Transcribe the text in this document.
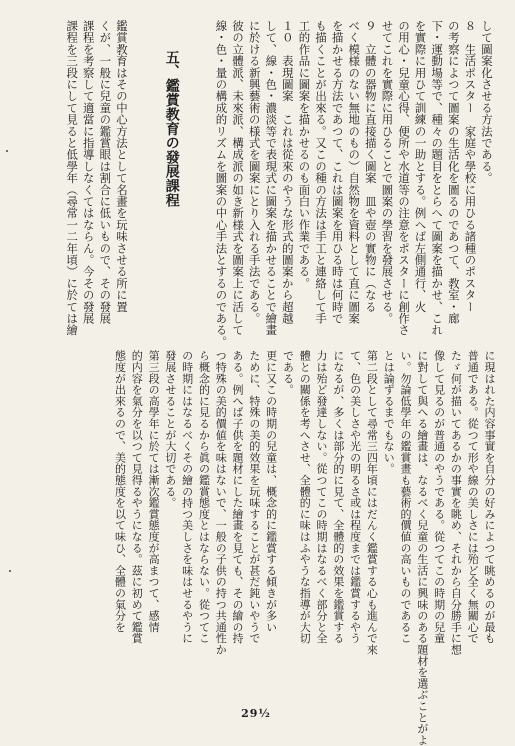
して圖案化させる方法である。
８　生活ポスター　家庭や學校に用ひる諸種のポスター
の考察によつて圖案の生活化を圖るのであつて、教室・廊
下・運動場等で、種々の題目をとらへて圖案を描かせ、これ
を實際に用ひて訓練の一助とする。例へば左側通行、火
の用心・兒童心得、便所や水道等の注意をポスターに創作さ
せてこれを實際に用ひることで圖案の學習を發展させる。
９　立體の器物に直接描く圖案　皿や壺の實物に（なる
べく模様のない無地のもの）自然物を資料として直に圖案
を描かせる方法であつて、これは圖案を用ひる時は何時で
も描くことが出來る。又この種の方法は手工と連絡して手
工的作品に圖案を描かせるのも面白い作業である。
１０　表現圖案　これは從來のやうな形式的圖案から超越
して、線・色・濃淡等で表現式に圖案を描かせることで繪畫
に於ける新興藝術の様式を圖案にとり入れる手法である。
彼の立體派、未來派、構成派の如き新様式を圖案上に活して
線・色・量の構成的リズムを圖案の中心手法とするのである。

五、鑑賞教育の發展課程

鑑賞教育はその中心方法として名畫を玩味させる所に置
くが、一般に兒童の鑑賞眼は割合に低いもので、その發展
課程を考察して適當に指導しなくてはならん。今その發展
課程を三段にして見ると低學年（尋常一二年頃）に於ては繪
に現はれた内容事實を自分の好みによつて眺めるのが最も
普通である。從つて形や線の美しさには殆ど全く無關心で
たゞ何が描いてあるかの事實を眺め、それから自分勝手に想
像して見るのが普通のやうである。從つてこの時期の兒童
に對して與へる繪畫は、なるべく兒童の生活に興味のある題材を選ぶことがよ
い。勿論低學年の鑑賞畫も藝術的價値の高いものであるこ
とは論ずるまでもない。
第二段として尋常三四年頃にはだんく鑑賞する心も進んで來
て、色の美しさや光の明るさ或は程度までは鑑賞するやう
になるが、多くは部分的に見て、全體的の效果を鑑賞する
力は殆ど發達しない。從つてこの時期はなるべく部分と全
體との關係を考へさせ、全體的に味はふやうな指導が大切
である。
更に又この時期の兒童は、概念的に鑑賞する傾きが多い
ために、特殊の美的效果を玩味することが甚だ鈍いやうで
ある。例へば子供を題材にした繪畫を見ても、その繪の持
つ特殊の美的價値を味はないで、一般の子供の持つ共通性か
ら概念的に見るから眞の鑑賞態度とはならない。從つてこ
の時期にはなるべくその繪の持つ美しさを味はせるやうに
發展させることが大切である。
第三段の高學年に於ては漸次鑑賞態度が高まつて、感情
的内容を氣分を以つて見得るやうになる。茲に初めて鑑賞
態度が出來るので、美的態度を以て味ひ、全體の氣分を
29½
